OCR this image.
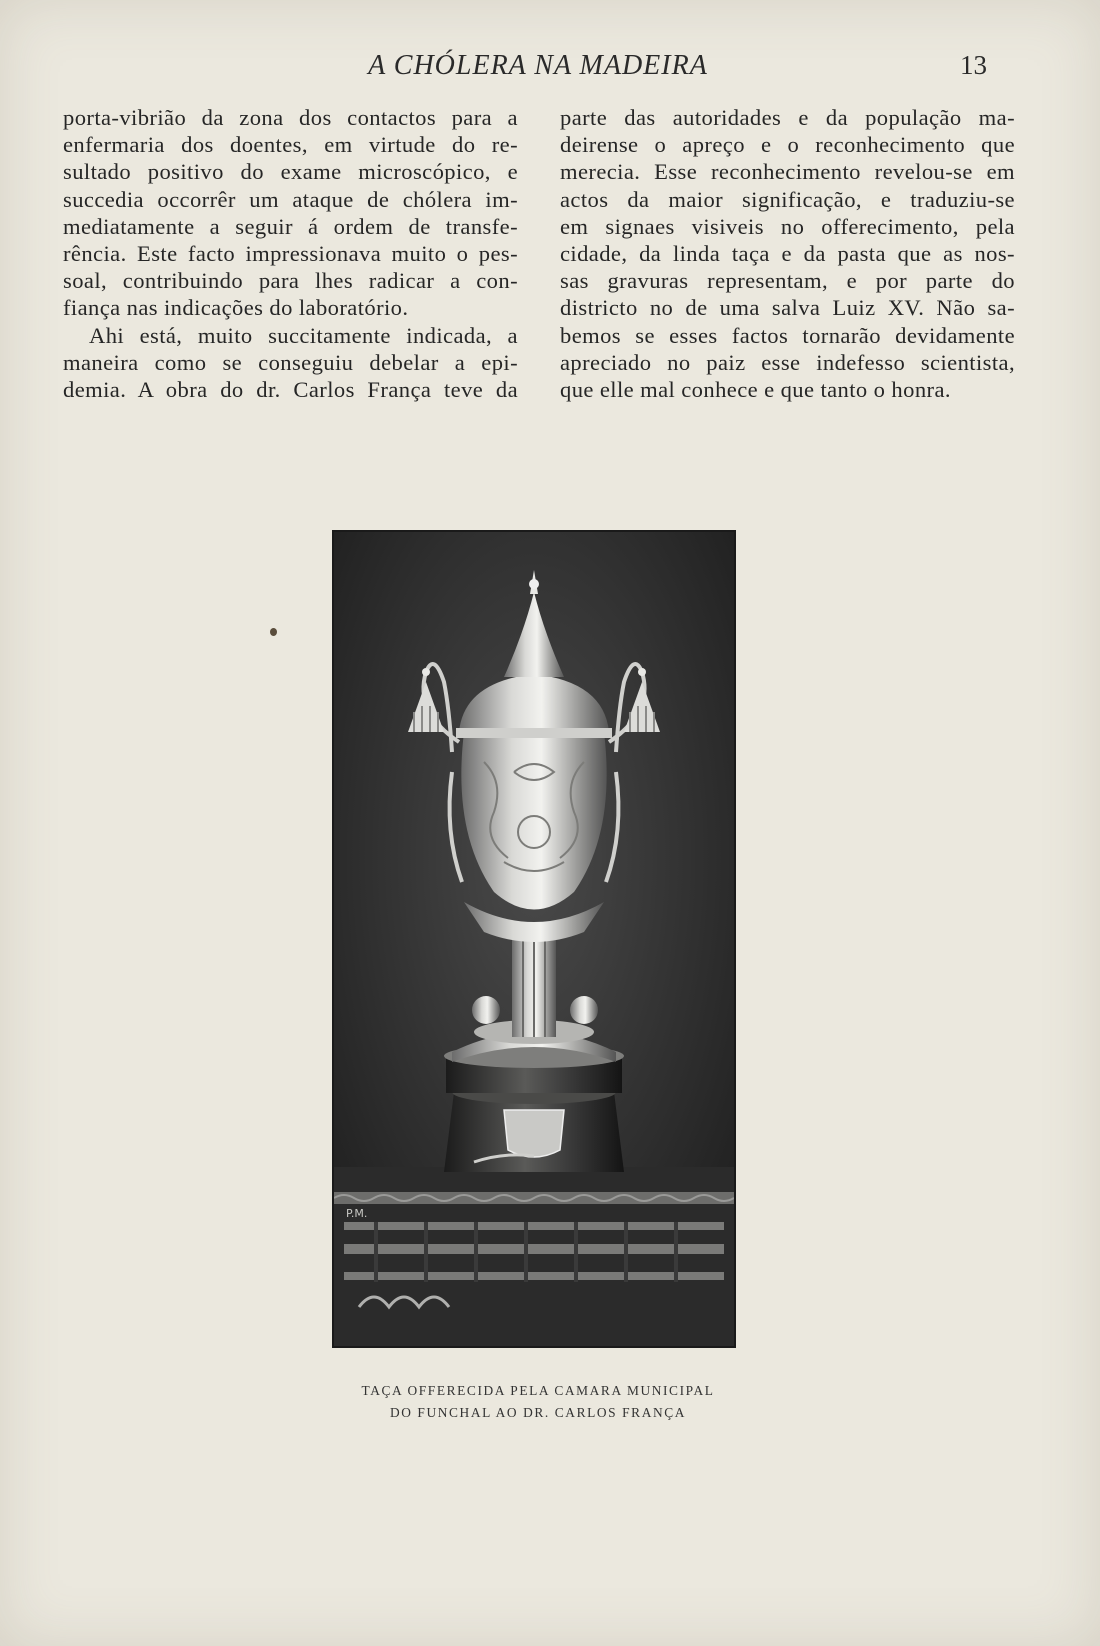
A CHÓLERA NA MADEIRA	13
porta-vibrião da zona dos contactos para a
enfermaria dos doentes, em virtude do re-
sultado positivo do exame microscópico, e
succedia occorrêr um ataque de chólera im-
mediatamente a seguir á ordem de transfe-
rência. Este facto impressionava muito o pes-
soal, contribuindo para lhes radicar a con-
fiança nas indicações do laboratório.
Ahi está, muito succitamente indicada, a
maneira como se conseguiu debelar a epi-
demia. A obra do dr. Carlos França teve da
parte das autoridades e da população ma-
deirense o apreço e o reconhecimento que
merecia. Esse reconhecimento revelou-se em
actos da maior significação, e traduziu-se
em signaes visiveis no offerecimento, pela
cidade, da linda taça e da pasta que as nos-
sas gravuras representam, e por parte do
districto no de uma salva Luiz XV. Não sa-
bemos se esses factos tornarão devidamente
apreciado no paiz esse indefesso scientista,
que elle mal conhece e que tanto o honra.
P.M.
TAÇA OFFERECIDA PELA CAMARA MUNICIPAL
DO FUNCHAL AO DR. CARLOS FRANÇA
